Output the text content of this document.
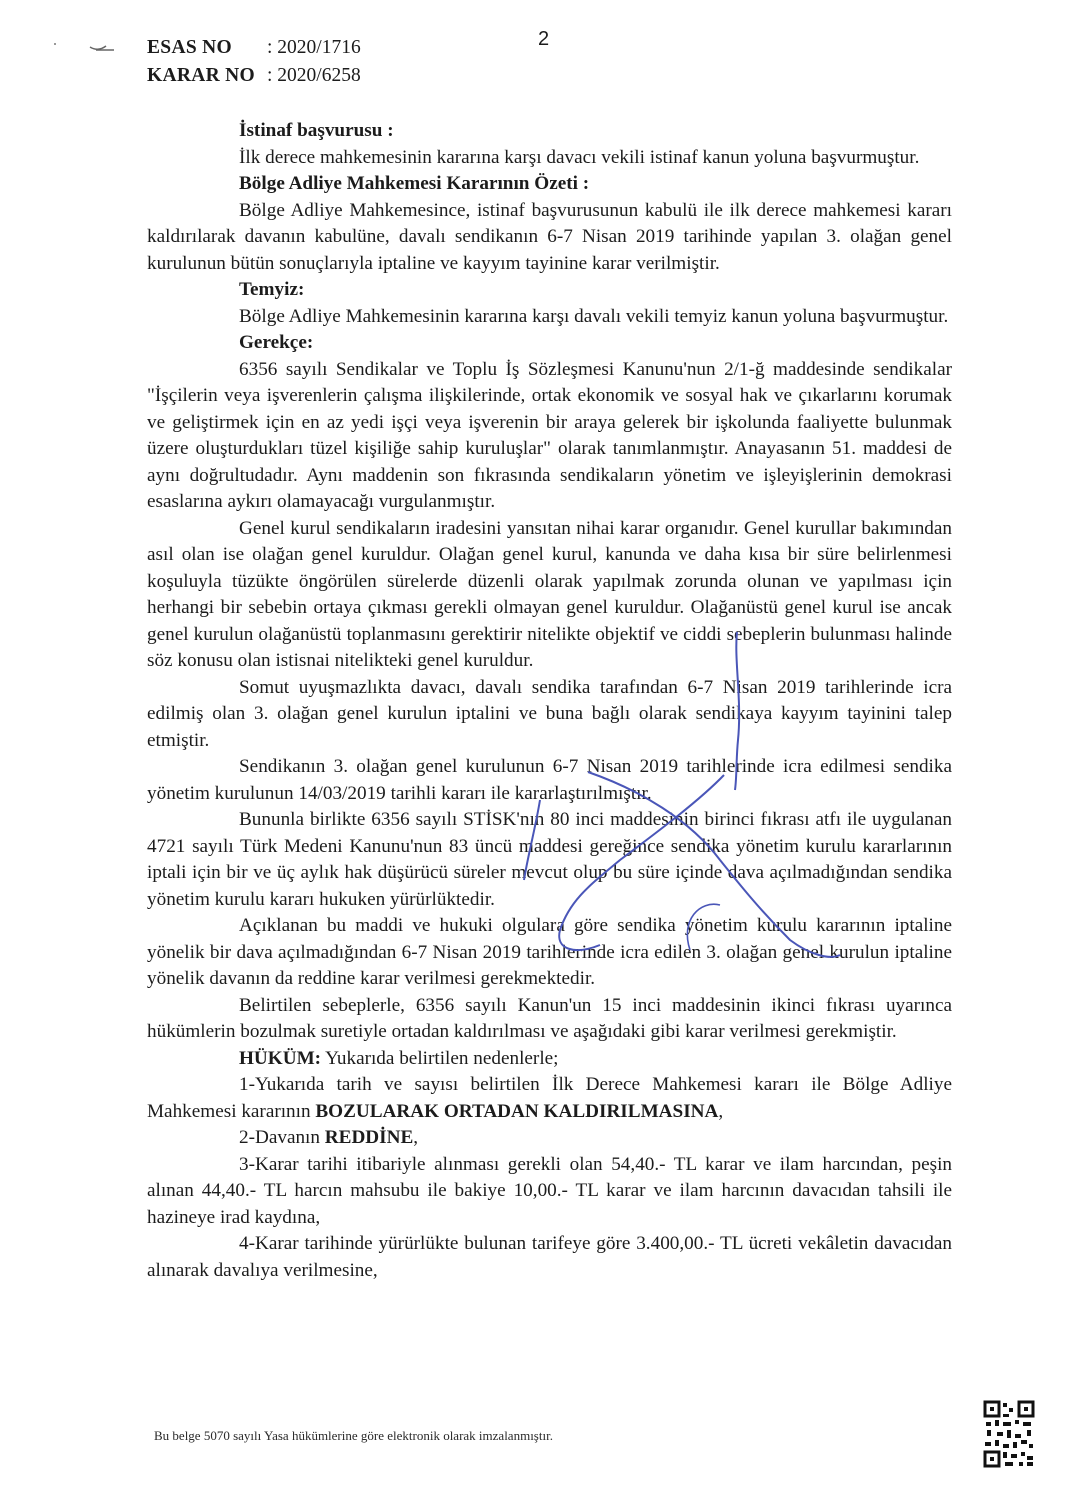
ESAS NO	: 2020/1716
KARAR NO : 2020/6258
2

İstinaf başvurusu :

İlk derece mahkemesinin kararına karşı davacı vekili istinaf kanun yoluna başvurmuştur.

Bölge Adliye Mahkemesi Kararının Özeti :

Bölge Adliye Mahkemesince, istinaf başvurusunun kabulü ile ilk derece mahkemesi kararı kaldırılarak davanın kabulüne, davalı sendikanın 6-7 Nisan 2019 tarihinde yapılan 3. olağan genel kurulunun bütün sonuçlarıyla iptaline ve kayyım tayinine karar verilmiştir.

Temyiz:

Bölge Adliye Mahkemesinin kararına karşı davalı vekili temyiz kanun yoluna başvurmuştur.

Gerekçe:

6356 sayılı Sendikalar ve Toplu İş Sözleşmesi Kanunu'nun 2/1-ğ maddesinde sendikalar "İşçilerin veya işverenlerin çalışma ilişkilerinde, ortak ekonomik ve sosyal hak ve çıkarlarını korumak ve geliştirmek için en az yedi işçi veya işverenin bir araya gelerek bir işkolunda faaliyette bulunmak üzere oluşturdukları tüzel kişiliğe sahip kuruluşlar" olarak tanımlanmıştır. Anayasanın 51. maddesi de aynı doğrultudadır. Aynı maddenin son fıkrasında sendikaların yönetim ve işleyişlerinin demokrasi esaslarına aykırı olamayacağı vurgulanmıştır.

Genel kurul sendikaların iradesini yansıtan nihai karar organıdır. Genel kurullar bakımından asıl olan ise olağan genel kuruldur. Olağan genel kurul, kanunda ve daha kısa bir süre belirlenmesi koşuluyla tüzükte öngörülen sürelerde düzenli olarak yapılmak zorunda olunan ve yapılması için herhangi bir sebebin ortaya çıkması gerekli olmayan genel kuruldur. Olağanüstü genel kurul ise ancak genel kurulun olağanüstü toplanmasını gerektirir nitelikte objektif ve ciddi sebeplerin bulunması halinde söz konusu olan istisnai nitelikteki genel kuruldur.

Somut uyuşmazlıkta davacı, davalı sendika tarafından 6-7 Nisan 2019 tarihlerinde icra edilmiş olan 3. olağan genel kurulun iptalini ve buna bağlı olarak sendikaya kayyım tayinini talep etmiştir.

Sendikanın 3. olağan genel kurulunun 6-7 Nisan 2019 tarihlerinde icra edilmesi sendika yönetim kurulunun 14/03/2019 tarihli kararı ile kararlaştırılmıştır.

Bununla birlikte 6356 sayılı STİSK'nın 80 inci maddesinin birinci fıkrası atfı ile uygulanan 4721 sayılı Türk Medeni Kanunu'nun 83 üncü maddesi gereğince sendika yönetim kurulu kararlarının iptali için bir ve üç aylık hak düşürücü süreler mevcut olup bu süre içinde dava açılmadığından sendika yönetim kurulu kararı hukuken yürürlüktedir.

Açıklanan bu maddi ve hukuki olgulara göre sendika yönetim kurulu kararının iptaline yönelik bir dava açılmadığından 6-7 Nisan 2019 tarihlerinde icra edilen 3. olağan genel kurulun iptaline yönelik davanın da reddine karar verilmesi gerekmektedir.

Belirtilen sebeplerle, 6356 sayılı Kanun'un 15 inci maddesinin ikinci fıkrası uyarınca hükümlerin bozulmak suretiyle ortadan kaldırılması ve aşağıdaki gibi karar verilmesi gerekmiştir.

HÜKÜM: Yukarıda belirtilen nedenlerle;

1-Yukarıda tarih ve sayısı belirtilen İlk Derece Mahkemesi kararı ile Bölge Adliye Mahkemesi kararının BOZULARAK ORTADAN KALDIRILMASINA,

2-Davanın REDDİNE,

3-Karar tarihi itibariyle alınması gerekli olan 54,40.- TL karar ve ilam harcından, peşin alınan 44,40.- TL harcın mahsubu ile bakiye 10,00.- TL karar ve ilam harcının davacıdan tahsili ile hazineye irad kaydına,

4-Karar tarihinde yürürlükte bulunan tarifeye göre 3.400,00.- TL ücreti vekâletin davacıdan alınarak davalıya verilmesine,

Bu belge 5070 sayılı Yasa hükümlerine göre elektronik olarak imzalanmıştır.
